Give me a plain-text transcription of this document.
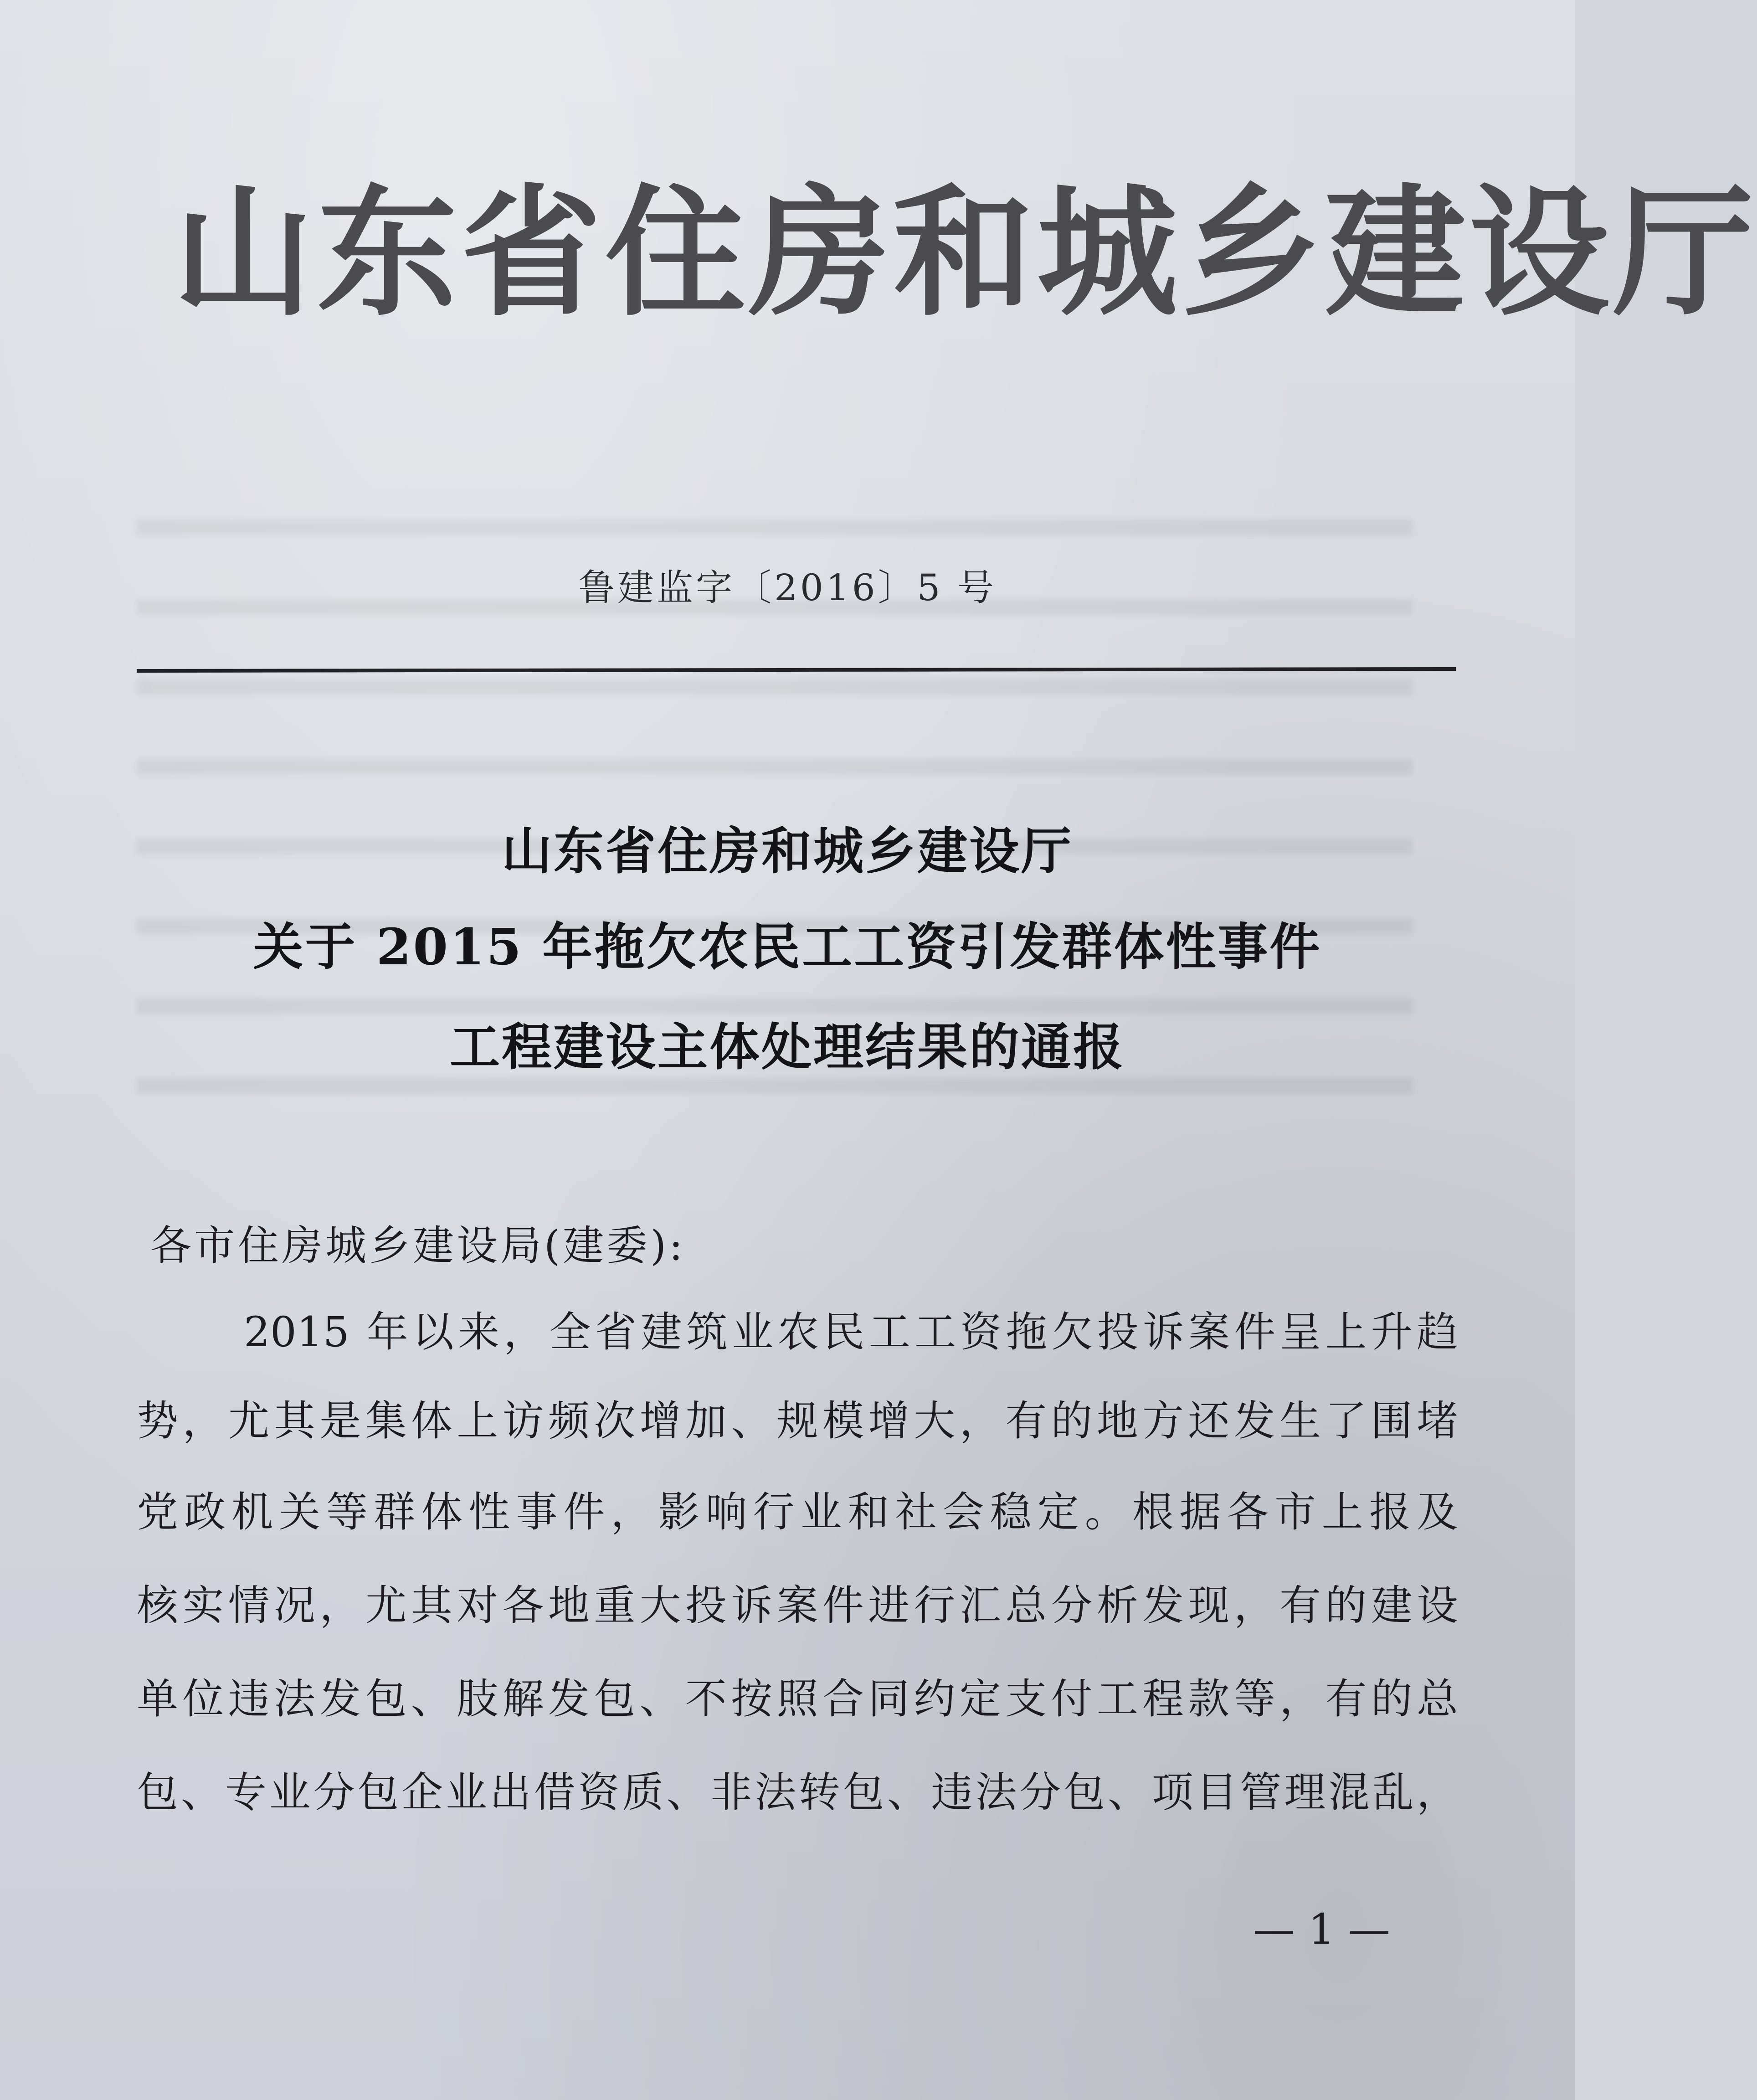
山东省住房和城乡建设厅
鲁建监字〔2016〕5 号
山东省住房和城乡建设厅
关于 2015 年拖欠农民工工资引发群体性事件
工程建设主体处理结果的通报
各市住房城乡建设局(建委):
2015 年以来，全省建筑业农民工工资拖欠投诉案件呈上升趋
势，尤其是集体上访频次增加、规模增大，有的地方还发生了围堵
党政机关等群体性事件，影响行业和社会稳定。根据各市上报及
核实情况，尤其对各地重大投诉案件进行汇总分析发现，有的建设
单位违法发包、肢解发包、不按照合同约定支付工程款等，有的总
包、专业分包企业出借资质、非法转包、违法分包、项目管理混乱，
— 1 —
